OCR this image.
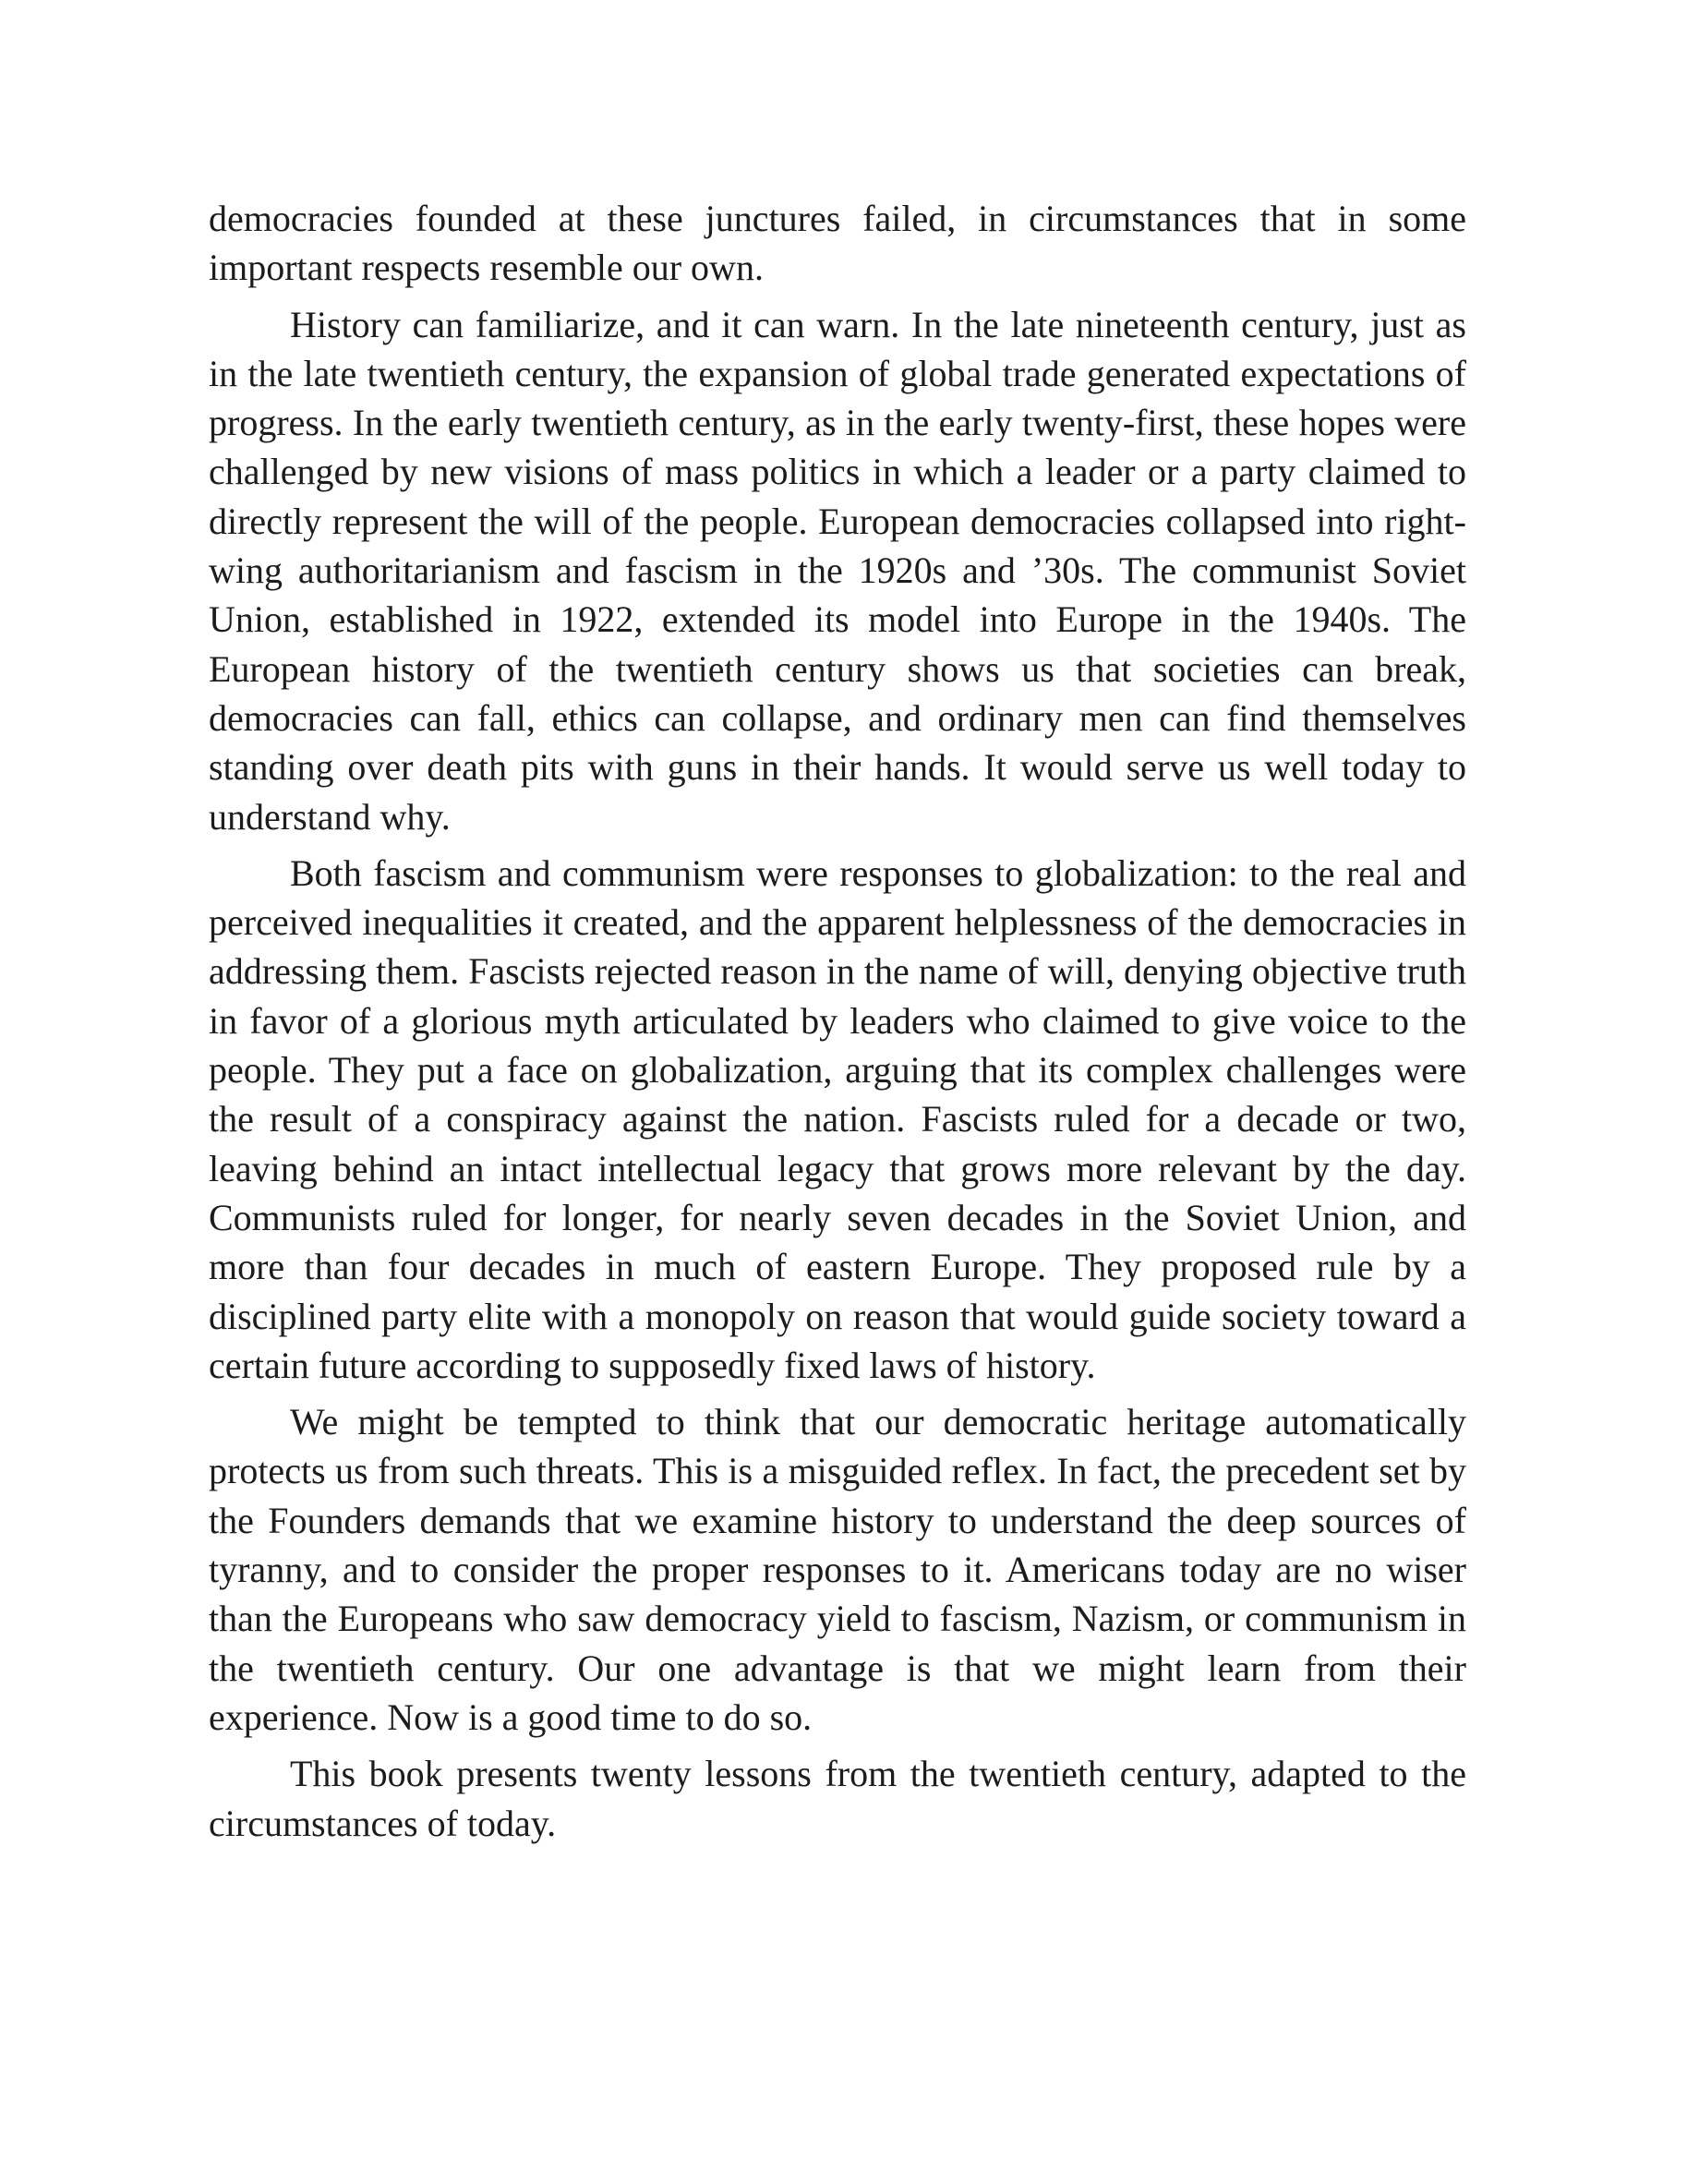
democracies founded at these junctures failed, in circumstances that in some important respects resemble our own.

History can familiarize, and it can warn. In the late nineteenth century, just as in the late twentieth century, the expansion of global trade generated expectations of progress. In the early twentieth century, as in the early twenty-first, these hopes were challenged by new visions of mass politics in which a leader or a party claimed to directly represent the will of the people. European democracies collapsed into right-wing authoritarianism and fascism in the 1920s and ’30s. The communist Soviet Union, established in 1922, extended its model into Europe in the 1940s. The European history of the twentieth century shows us that societies can break, democracies can fall, ethics can collapse, and ordinary men can find themselves standing over death pits with guns in their hands. It would serve us well today to understand why.

Both fascism and communism were responses to globalization: to the real and perceived inequalities it created, and the apparent helplessness of the democracies in addressing them. Fascists rejected reason in the name of will, denying objective truth in favor of a glorious myth articulated by leaders who claimed to give voice to the people. They put a face on globalization, arguing that its complex challenges were the result of a conspiracy against the nation. Fascists ruled for a decade or two, leaving behind an intact intellectual legacy that grows more relevant by the day. Communists ruled for longer, for nearly seven decades in the Soviet Union, and more than four decades in much of eastern Europe. They proposed rule by a disciplined party elite with a monopoly on reason that would guide society toward a certain future according to supposedly fixed laws of history.

We might be tempted to think that our democratic heritage automatically protects us from such threats. This is a misguided reflex. In fact, the precedent set by the Founders demands that we examine history to understand the deep sources of tyranny, and to consider the proper responses to it. Americans today are no wiser than the Europeans who saw democracy yield to fascism, Nazism, or communism in the twentieth century. Our one advantage is that we might learn from their experience. Now is a good time to do so.

This book presents twenty lessons from the twentieth century, adapted to the circumstances of today.
